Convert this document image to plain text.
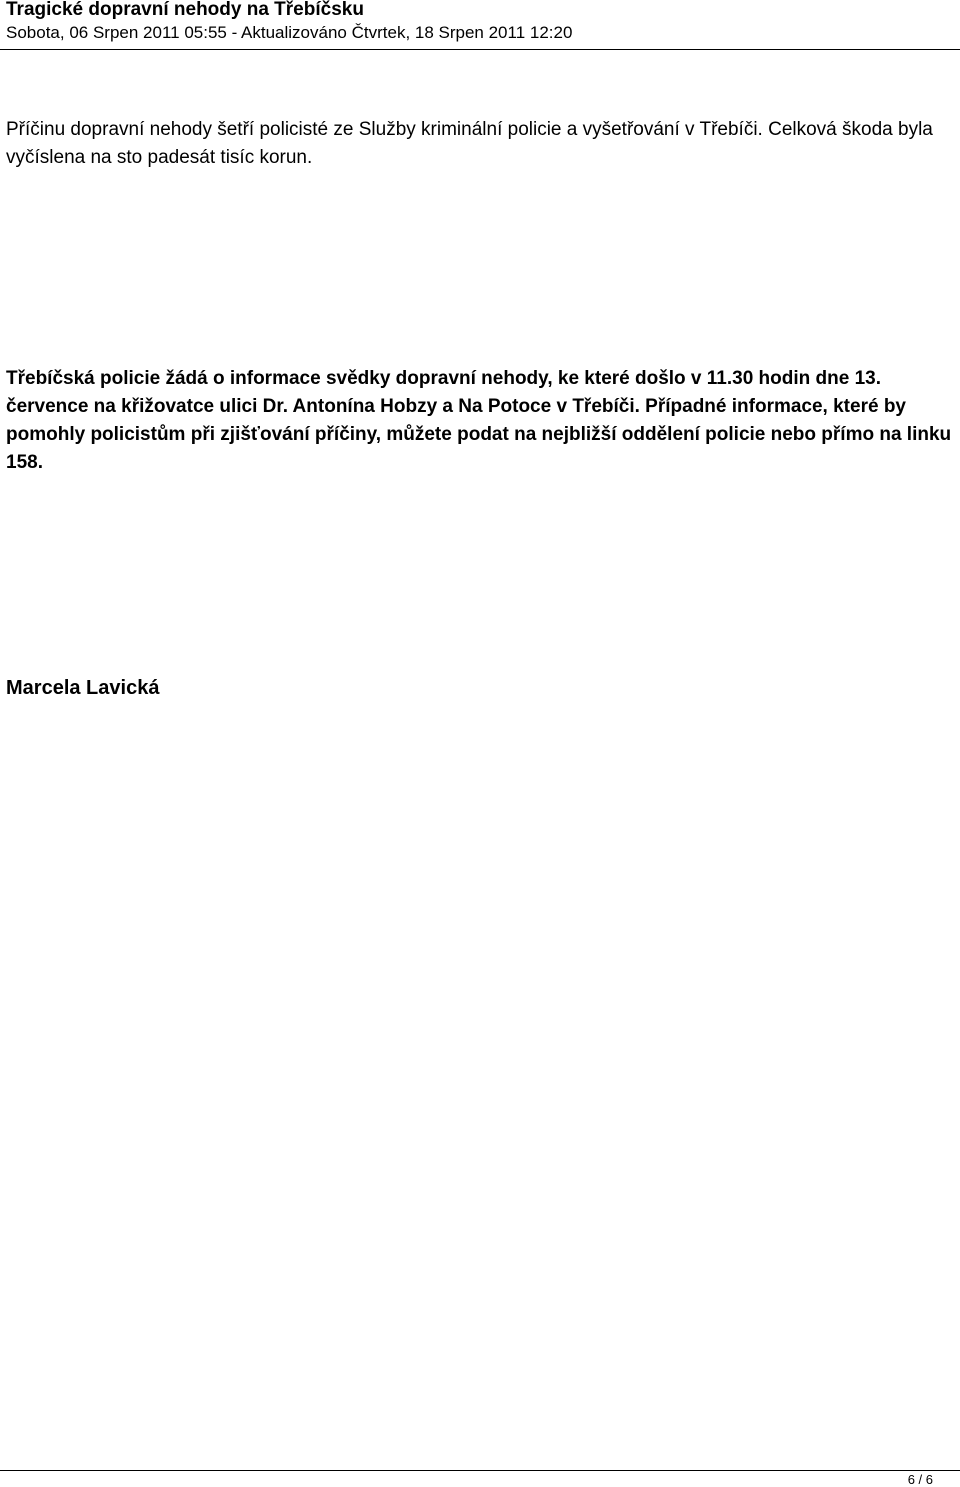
Tragické dopravní nehody na Třebíčsku
Sobota, 06 Srpen 2011 05:55 - Aktualizováno Čtvrtek, 18 Srpen 2011 12:20

Příčinu dopravní nehody šetří policisté ze Služby kriminální policie a vyšetřování v Třebíči. Celková škoda byla vyčíslena na sto padesát tisíc korun.

Třebíčská policie žádá o informace svědky dopravní nehody, ke které došlo v 11.30 hodin dne 13. července na křižovatce ulici Dr. Antonína Hobzy a Na Potoce v Třebíči. Případné informace, které by pomohly policistům při zjišťování příčiny, můžete podat na nejbližší oddělení policie nebo přímo na linku 158.

Marcela Lavická

6 / 6
